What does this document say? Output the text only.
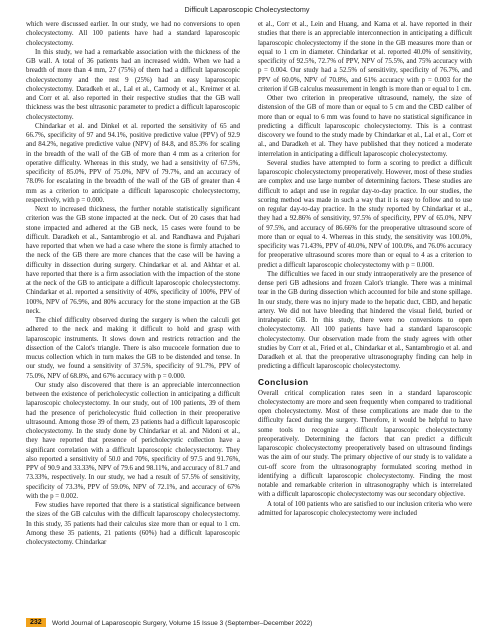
Difficult Laparoscopic Cholecystectomy

which were discussed earlier. In our study, we had no conversions to open cholecystectomy. All 100 patients have had a standard laparoscopic cholecystectomy.

In this study, we had a remarkable association with the thickness of the GB wall. A total of 36 patients had an increased width. When we had a breadth of more than 4 mm, 27 (75%) of them had a difficult laparoscopic cholecystectomy and the rest 9 (25%) had an easy laparoscopic cholecystectomy. Daradkeh et al., Lal et al., Carmody et al., Kreimer et al. and Corr et al. also reported in their respective studies that the GB wall thickness was the best ultrasonic parameter to predict a difficult laparoscopic cholecystectomy.

Chindarkar et al. and Dinkel et al. reported the sensitivity of 65 and 66.7%, specificity of 97 and 94.1%, positive predictive value (PPV) of 92.9 and 84.2%, negative predictive value (NPV) of 84.8, and 85.3% for scaling in the breadth of the wall of the GB of more than 4 mm as a criterion for operative difficulty. Whereas in this study, we had a sensitivity of 67.5%, specificity of 85.0%, PPV of 75.0%, NPV of 79.7%, and an accuracy of 78.0% for escalating in the breadth of the wall of the GB of greater than 4 mm as a criterion to anticipate a difficult laparoscopic cholecystectomy, respectively, with p = 0.000.

Next to increased thickness, the further notable statistically significant criterion was the GB stone impacted at the neck. Out of 20 cases that had stone impacted and adhered at the GB neck, 15 cases were found to be difficult. Daradkeh et al., Santambrogio et al. and Randhawa and Pujahari have reported that when we had a case where the stone is firmly attached to the neck of the GB there are more chances that the case will be having a difficulty in dissection during surgery. Chindarkar et al. and Akhtar et al. have reported that there is a firm association with the impaction of the stone at the neck of the GB to anticipate a difficult laparoscopic cholecystectomy. Chindarkar et al. reported a sensitivity of 40%, specificity of 100%, PPV of 100%, NPV of 76.9%, and 80% accuracy for the stone impaction at the GB neck.

The chief difficulty observed during the surgery is when the calculi get adhered to the neck and making it difficult to hold and grasp with laparoscopic instruments. It slows down and restricts retraction and the dissection of the Calot's triangle. There is also mucocele formation due to mucus collection which in turn makes the GB to be distended and tense. In our study, we found a sensitivity of 37.5%, specificity of 91.7%, PPV of 75.0%, NPV of 68.8%, and 67% accuracy with p = 0.000.

Our study also discovered that there is an appreciable interconnection between the existence of pericholecystic collection in anticipating a difficult laparoscopic cholecystectomy. In our study, out of 100 patients, 39 of them had the presence of pericholecystic fluid collection in their preoperative ultrasound. Among those 39 of them, 23 patients had a difficult laparoscopic cholecystectomy. In the study done by Chindarkar et al. and Nidoni et al., they have reported that presence of pericholecystic collection have a significant correlation with a difficult laparoscopic cholecystectomy. They also reported a sensitivity of 50.0 and 70%, specificity of 97.5 and 91.76%, PPV of 90.9 and 33.33%, NPV of 79.6 and 98.11%, and accuracy of 81.7 and 73.33%, respectively. In our study, we had a result of 57.5% of sensitivity, specificity of 73.3%, PPV of 59.0%, NPV of 72.1%, and accuracy of 67% with the p = 0.002.

Few studies have reported that there is a statistical significance between the sizes of the GB calculus with the difficult laparoscopy cholecystectomy. In this study, 35 patients had their calculus size more than or equal to 1 cm. Among these 35 patients, 21 patients (60%) had a difficult laparoscopic cholecystectomy. Chindarkar

et al., Corr et al., Lein and Huang, and Kama et al. have reported in their studies that there is an appreciable interconnection in anticipating a difficult laparoscopic cholecystectomy if the stone in the GB measures more than or equal to 1 cm in diameter. Chindarkar et al. reported 40.0% of sensitivity, specificity of 92.5%, 72.7% of PPV, NPV of 75.5%, and 75% accuracy with p = 0.004. Our study had a 52.5% of sensitivity, specificity of 76.7%, and PPV of 60.0%, NPV of 70.8%, and 61% accuracy with p = 0.003 for the criterion if GB calculus measurement in length is more than or equal to 1 cm.

Other two criterion in preoperative ultrasound, namely, the size of distension of the GB of more than or equal to 5 cm and the CBD caliber of more than or equal to 6 mm was found to have no statistical significance in predicting a difficult laparoscopic cholecystectomy. This is a contrast discovery we found to the study made by Chindarkar et al., Lal et al., Corr et al., and Daradkeh et al. They have published that they noticed a moderate interrelation in anticipating a difficult laparoscopic cholecystectomy.

Several studies have attempted to form a scoring to predict a difficult laparoscopic cholecystectomy preoperatively. However, most of these studies are complex and use large number of determining factors. These studies are difficult to adapt and use in regular day-to-day practice. In our studies, the scoring method was made in such a way that it is easy to follow and to use on regular day-to-day practice. In the study reported by Chindarkar et al., they had a 92.86% of sensitivity, 97.5% of specificity, PPV of 65.0%, NPV of 97.5%, and accuracy of 86.66% for the preoperative ultrasound score of more than or equal to 4. Whereas in this study, the sensitivity was 100.0%, specificity was 71.43%, PPV of 40.0%, NPV of 100.0%, and 76.0% accuracy for preoperative ultrasound scores more than or equal to 4 as a criterion to predict a difficult laparoscopic cholecystectomy with p = 0.000.

The difficulties we faced in our study intraoperatively are the presence of dense peri GB adhesions and frozen Calot's triangle. There was a minimal tear in the GB during dissection which accounted for bile and stone spillage. In our study, there was no injury made to the hepatic duct, CBD, and hepatic artery. We did not have bleeding that hindered the visual field, buried or intrahepatic GB. In this study, there were no conversions to open cholecystectomy. All 100 patients have had a standard laparoscopic cholecystectomy. Our observation made from the study agrees with other studies by Corr et al., Fried et al., Chindarkar et al., Santambrogio et al. and Daradkeh et al. that the preoperative ultrasonography finding can help in predicting a difficult laparoscopic cholecystectomy.

Conclusion

Overall critical complication rates seen in a standard laparoscopic cholecystectomy are more and seen frequently when compared to traditional open cholecystectomy. Most of these complications are made due to the difficulty faced during the surgery. Therefore, it would be helpful to have some tools to recognize a difficult laparoscopic cholecystectomy preoperatively. Determining the factors that can predict a difficult laparoscopic cholecystectomy preoperatively based on ultrasound findings was the aim of our study. The primary objective of our study is to validate a cut-off score from the ultrasonography formulated scoring method in identifying a difficult laparoscopic cholecystectomy. Finding the most notable and remarkable criterion in ultrasonography which is interrelated with a difficult laparoscopic cholecystectomy was our secondary objective.

A total of 100 patients who are satisfied to our inclusion criteria who were admitted for laparoscopic cholecystectomy were included

232	World Journal of Laparoscopic Surgery, Volume 15 Issue 3 (September–December 2022)
